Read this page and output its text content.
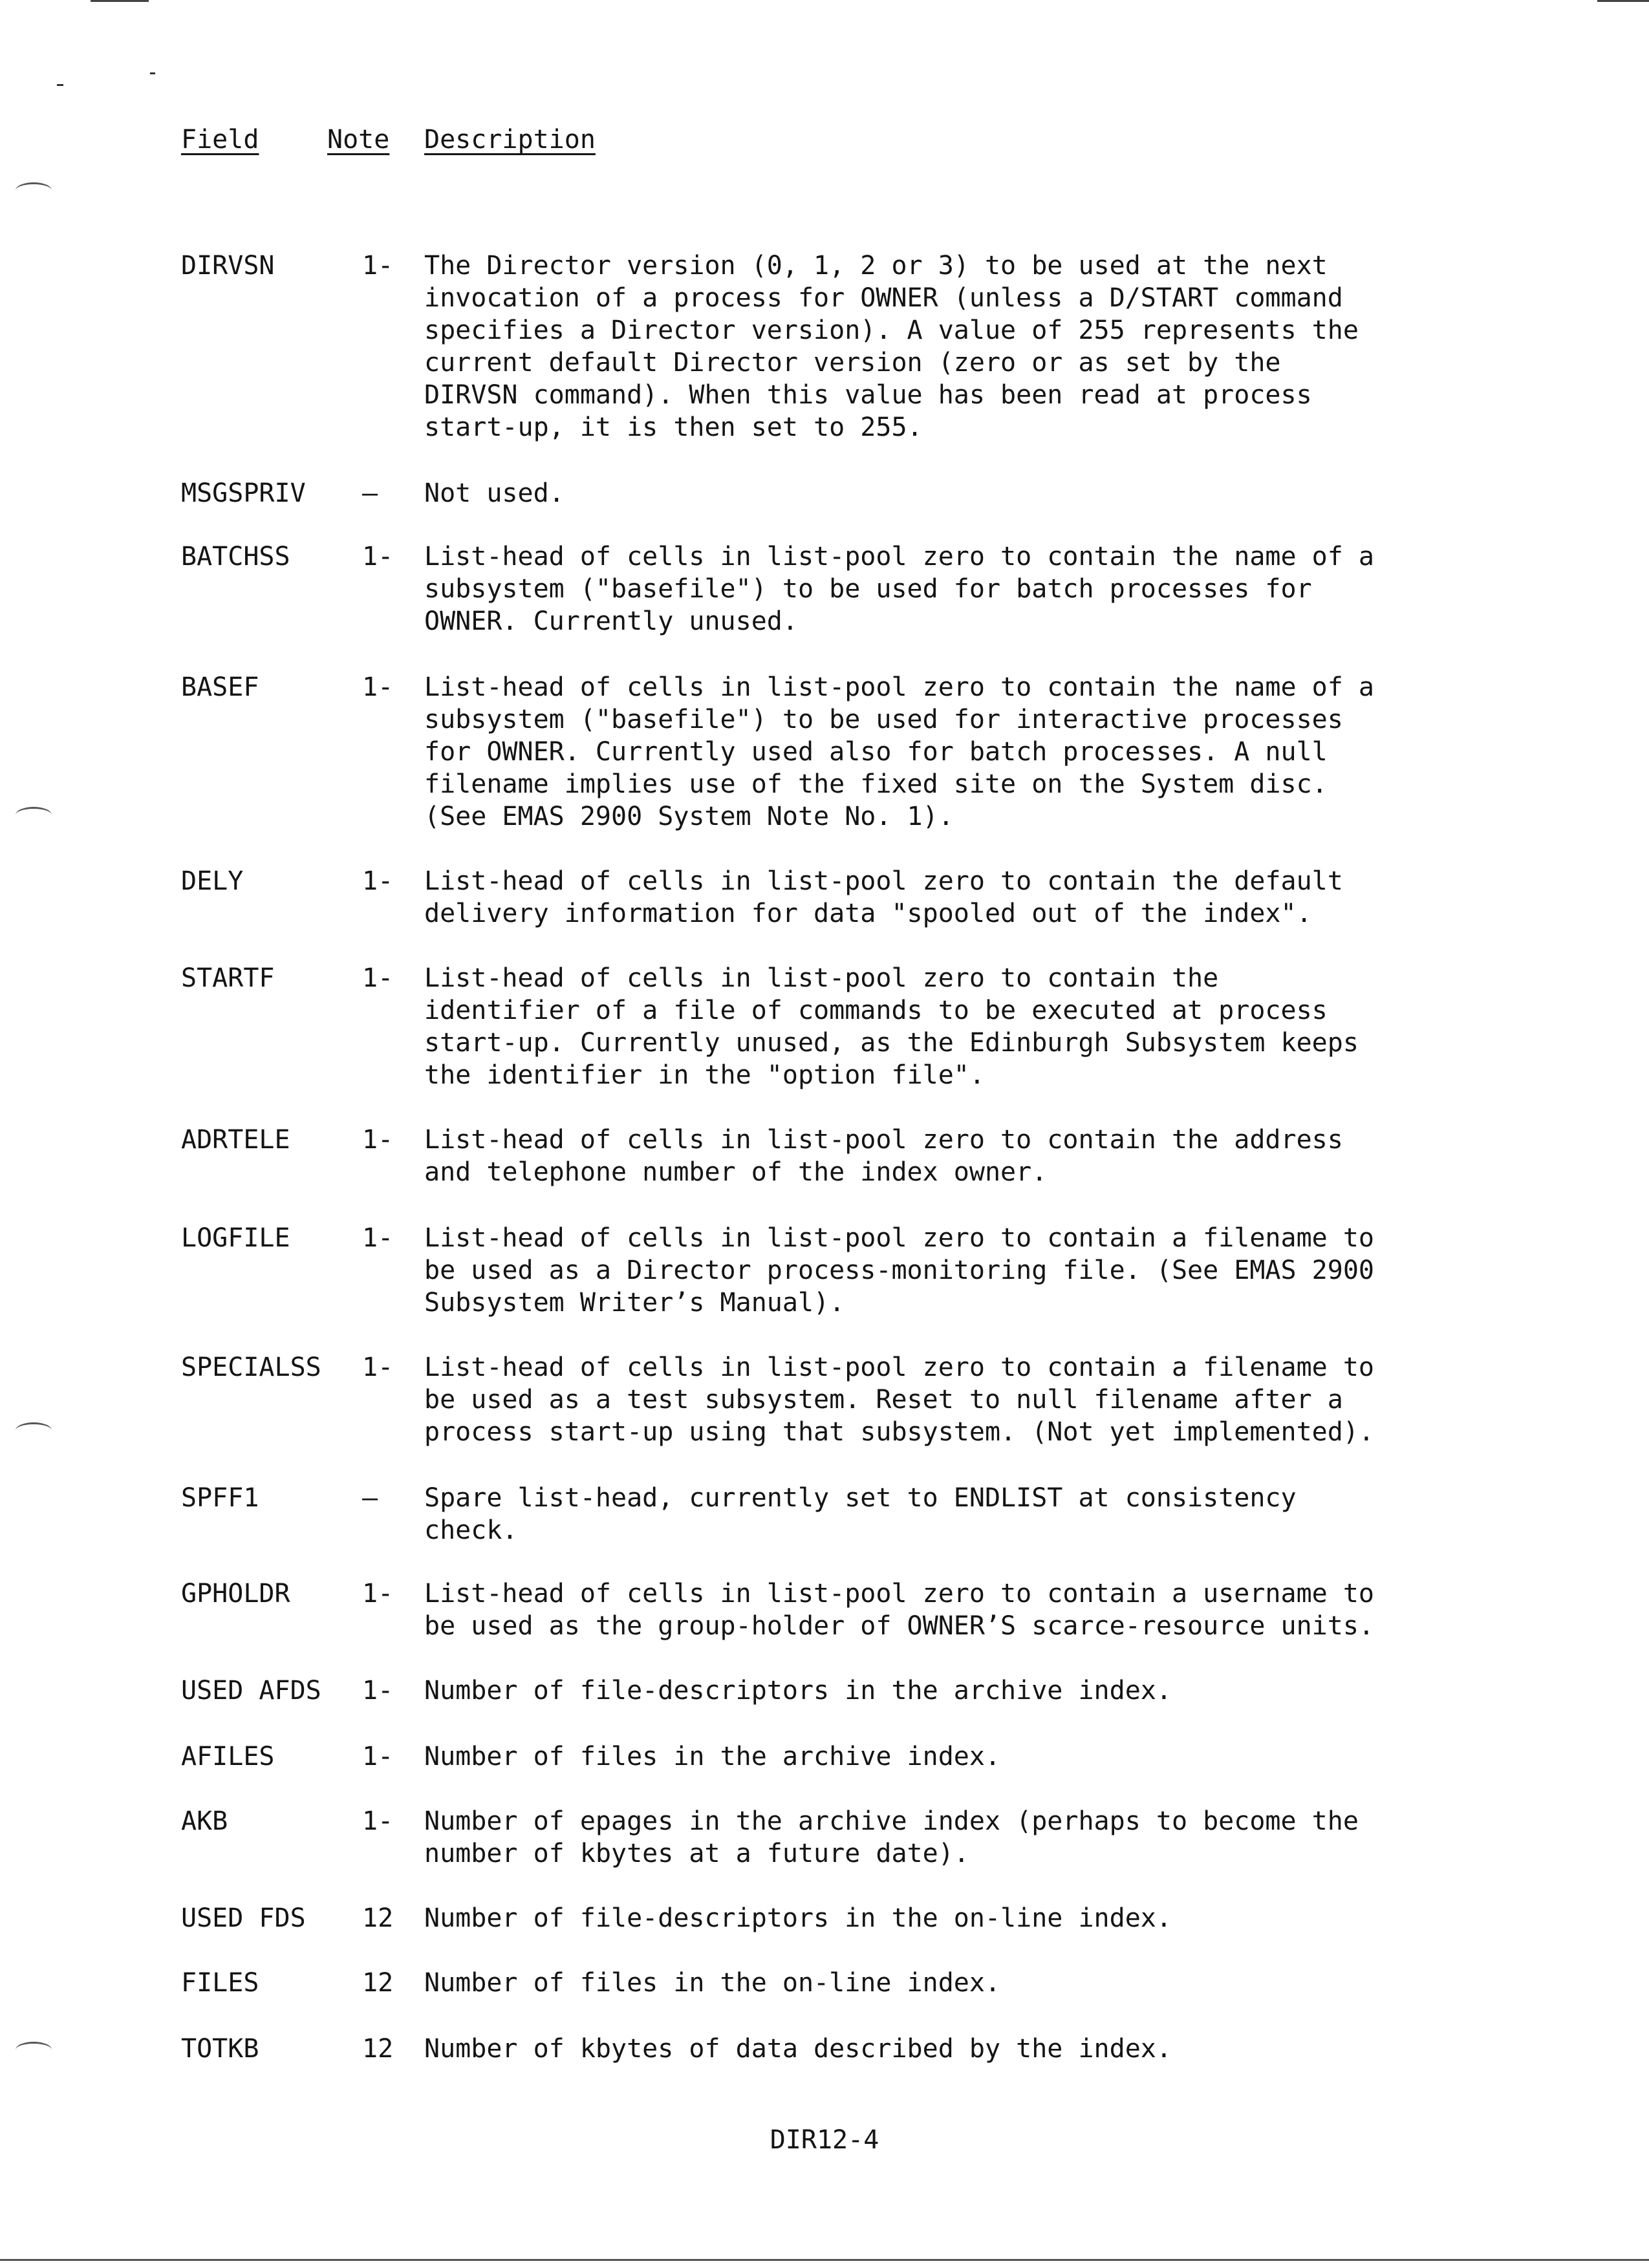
Field	Note Description
DIRVSN	1- The Director version (0, 1, 2 or 3) to be used at the next
invocation of a process for OWNER (unless a D/START command
specifies a Director version). A value of 255 represents the
current default Director version (zero or as set by the
DIRVSN command). When this value has been read at process
start-up, it is then set to 255.
MSGSPRIV — Not used.
BATCHSS	1- List-head of cells in list-pool zero to contain the name of a
subsystem ("basefile") to be used for batch processes for
OWNER. Currently unused.
BASEF	1- List-head of cells in list-pool zero to contain the name of a
subsystem ("basefile") to be used for interactive processes
for OWNER. Currently used also for batch processes. A null
filename implies use of the fixed site on the System disc.
(See EMAS 2900 System Note No. 1).
DELY	1- List-head of cells in list-pool zero to contain the default
delivery information for data "spooled out of the index".
STARTF	1- List-head of cells in list-pool zero to contain the
identifier of a file of commands to be executed at process
start-up. Currently unused, as the Edinburgh Subsystem keeps
the identifier in the "option file".
ADRTELE	1- List-head of cells in list-pool zero to contain the address
and telephone number of the index owner.
LOGFILE	1- List-head of cells in list-pool zero to contain a filename to
be used as a Director process-monitoring file. (See EMAS 2900
Subsystem Writer’s Manual).
SPECIALSS 1- List-head of cells in list-pool zero to contain a filename to
be used as a test subsystem. Reset to null filename after a
process start-up using that subsystem. (Not yet implemented).
SPFF1	— Spare list-head, currently set to ENDLIST at consistency
check.
GPHOLDR	1- List-head of cells in list-pool zero to contain a username to
be used as the group-holder of OWNER’S scarce-resource units.
USED AFDS 1- Number of file-descriptors in the archive index.
AFILES	1- Number of files in the archive index.
AKB	1- Number of epages in the archive index (perhaps to become the
number of kbytes at a future date).
USED FDS 12 Number of file-descriptors in the on-line index.
FILES	12 Number of files in the on-line index.
TOTKB	12 Number of kbytes of data described by the index.
DIR12-4
